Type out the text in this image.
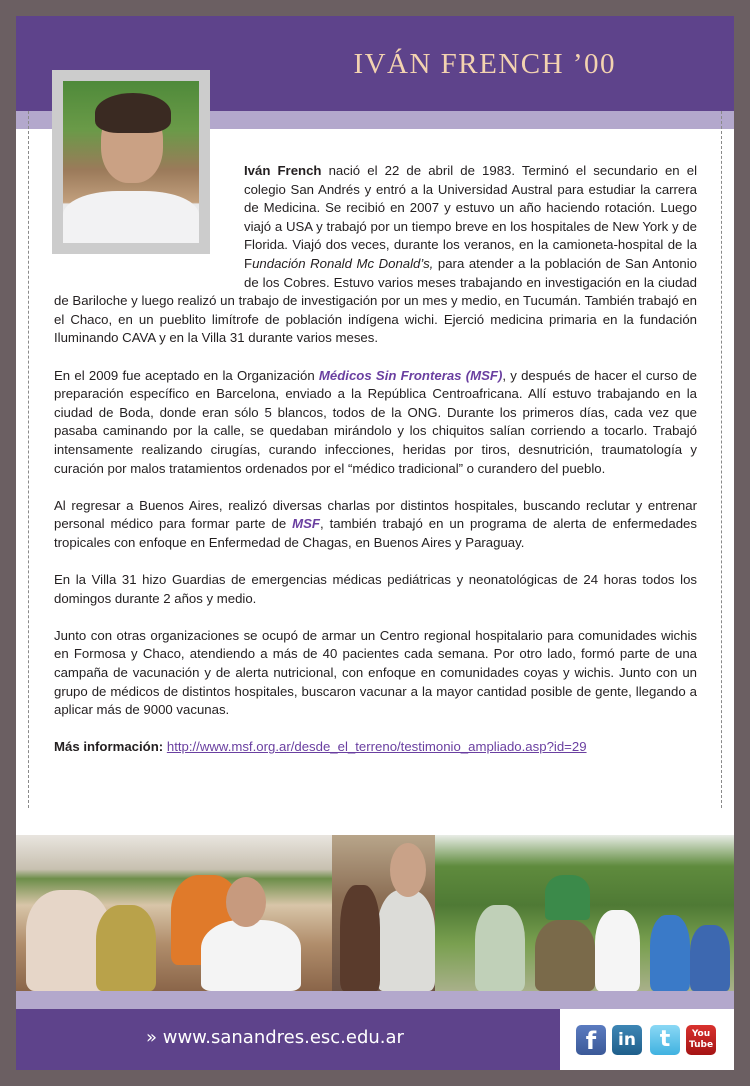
IVÁN FRENCH ’00

Iván French nació el 22 de abril de 1983. Terminó el secundario en el colegio San Andrés y entró a la Universidad Austral para estudiar la carrera de Medicina. Se recibió en 2007 y estuvo un año haciendo rotación. Luego viajó a USA y trabajó por un tiempo breve en los hospitales de New York y de Florida. Viajó dos veces, durante los veranos, en la camioneta-hospital de la Fundación Ronald Mc Donald’s, para atender a la población de San Antonio de los Cobres. Estuvo varios meses trabajando en investigación en la ciudad de Bariloche y luego realizó un trabajo de investigación por un mes y medio, en Tucumán. También trabajó en el Chaco, en un pueblito limítrofe de población indígena wichi. Ejerció medicina primaria en la fundación Iluminando CAVA y en la Villa 31 durante varios meses.

En el 2009 fue aceptado en la Organización Médicos Sin Fronteras (MSF), y después de hacer el curso de preparación específico en Barcelona, enviado a la República Centroafricana. Allí estuvo trabajando en la ciudad de Boda, donde eran sólo 5 blancos, todos de la ONG. Durante los primeros días, cada vez que pasaba caminando por la calle, se quedaban mirándolo y los chiquitos salían corriendo a tocarlo. Trabajó intensamente realizando cirugías, curando infecciones, heridas por tiros, desnutrición, traumatología y curación por malos tratamientos ordenados por el “médico tradicional” o curandero del pueblo.

Al regresar a Buenos Aires, realizó diversas charlas por distintos hospitales, buscando reclutar y entrenar personal médico para formar parte de MSF, también trabajó en un programa de alerta de enfermedades tropicales con enfoque en Enfermedad de Chagas, en Buenos Aires y Paraguay.

En la Villa 31 hizo Guardias de emergencias médicas pediátricas y neonatológicas de 24 horas todos los domingos durante 2 años y medio.

Junto con otras organizaciones se ocupó de armar un Centro regional hospitalario para comunidades wichis en Formosa y Chaco, atendiendo a más de 40 pacientes cada semana. Por otro lado, formó parte de una campaña de vacunación y de alerta nutricional, con enfoque en comunidades coyas y wichis. Junto con un grupo de médicos de distintos hospitales, buscaron vacunar a la mayor cantidad posible de gente, llegando a aplicar más de 9000 vacunas.

Más información: http://www.msf.org.ar/desde_el_terreno/testimonio_ampliado.asp?id=29

» www.sanandres.esc.edu.ar	f	in	t	You
Tube
